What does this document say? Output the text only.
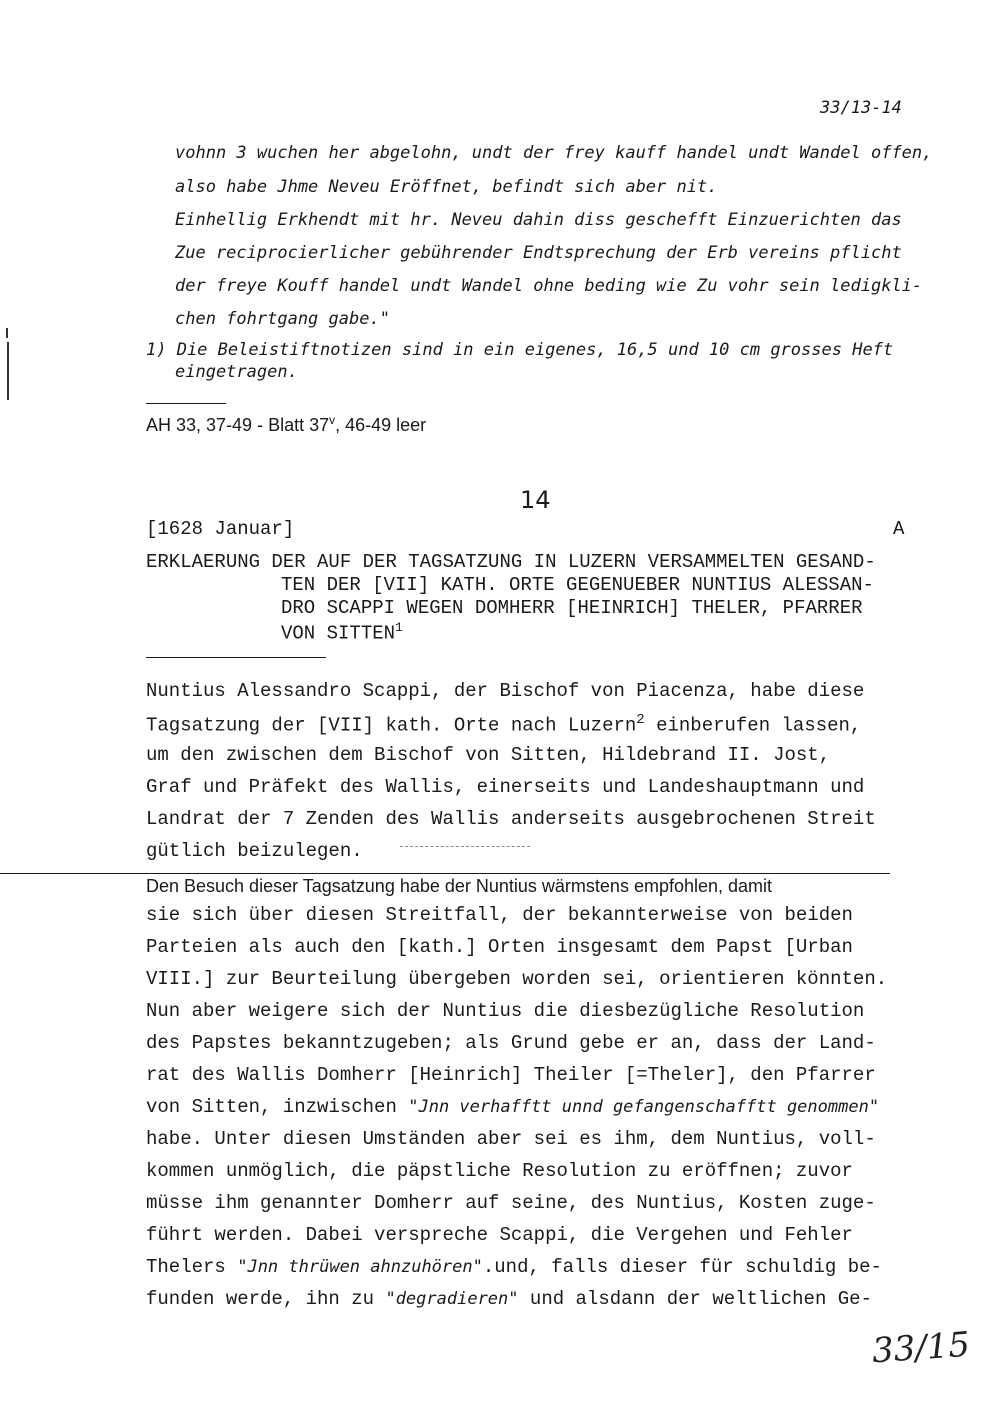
33/13-14
vohnn 3 wuchen her abgelohn, undt der frey kauff handel undt Wandel offen,
also habe Jhme Neveu Eröffnet, befindt sich aber nit.
Einhellig Erkhendt mit hr. Neveu dahin diss geschefft Einzuerichten das
Zue reciprocierlicher gebührender Endtsprechung der Erb vereins pflicht
der freye Kouff handel undt Wandel ohne beding wie Zu vohr sein ledigkli-
chen fohrtgang gabe."
1) Die Beleistiftnotizen sind in ein eigenes, 16,5 und 10 cm grosses Heft
eingetragen.
AH 33, 37-49 - Blatt 37$^v$, 46-49 leer
14
[1628 Januar]	A
ERKLAERUNG DER AUF DER TAGSATZUNG IN LUZERN VERSAMMELTEN GESAND-
TEN DER [VII] KATH. ORTE GEGENUEBER NUNTIUS ALESSAN-
DRO SCAPPI WEGEN DOMHERR [HEINRICH] THELER, PFARRER
VON SITTEN$^1$
Nuntius Alessandro Scappi, der Bischof von Piacenza, habe diese
Tagsatzung der [VII] kath. Orte nach Luzern$^2$ einberufen lassen,
um den zwischen dem Bischof von Sitten, Hildebrand II. Jost,
Graf und Präfekt des Wallis, einerseits und Landeshauptmann und
Landrat der 7 Zenden des Wallis anderseits ausgebrochenen Streit
gütlich beizulegen.
Den Besuch dieser Tagsatzung habe der Nuntius wärmstens empfohlen, damit
sie sich über diesen Streitfall, der bekannterweise von beiden
Parteien als auch den [kath.] Orten insgesamt dem Papst [Urban
VIII.] zur Beurteilung übergeben worden sei, orientieren könnten.
Nun aber weigere sich der Nuntius die diesbezügliche Resolution
des Papstes bekanntzugeben; als Grund gebe er an, dass der Land-
rat des Wallis Domherr [Heinrich] Theiler [=Theler], den Pfarrer
von Sitten, inzwischen "Jnn verhafftt unnd gefangenschafftt genommen"
habe. Unter diesen Umständen aber sei es ihm, dem Nuntius, voll-
kommen unmöglich, die päpstliche Resolution zu eröffnen; zuvor
müsse ihm genannter Domherr auf seine, des Nuntius, Kosten zuge-
führt werden. Dabei verspreche Scappi, die Vergehen und Fehler
Thelers "Jnn thrüwen ahnzuhören".und, falls dieser für schuldig be-
funden werde, ihn zu "degradieren" und alsdann der weltlichen Ge-
33/15
